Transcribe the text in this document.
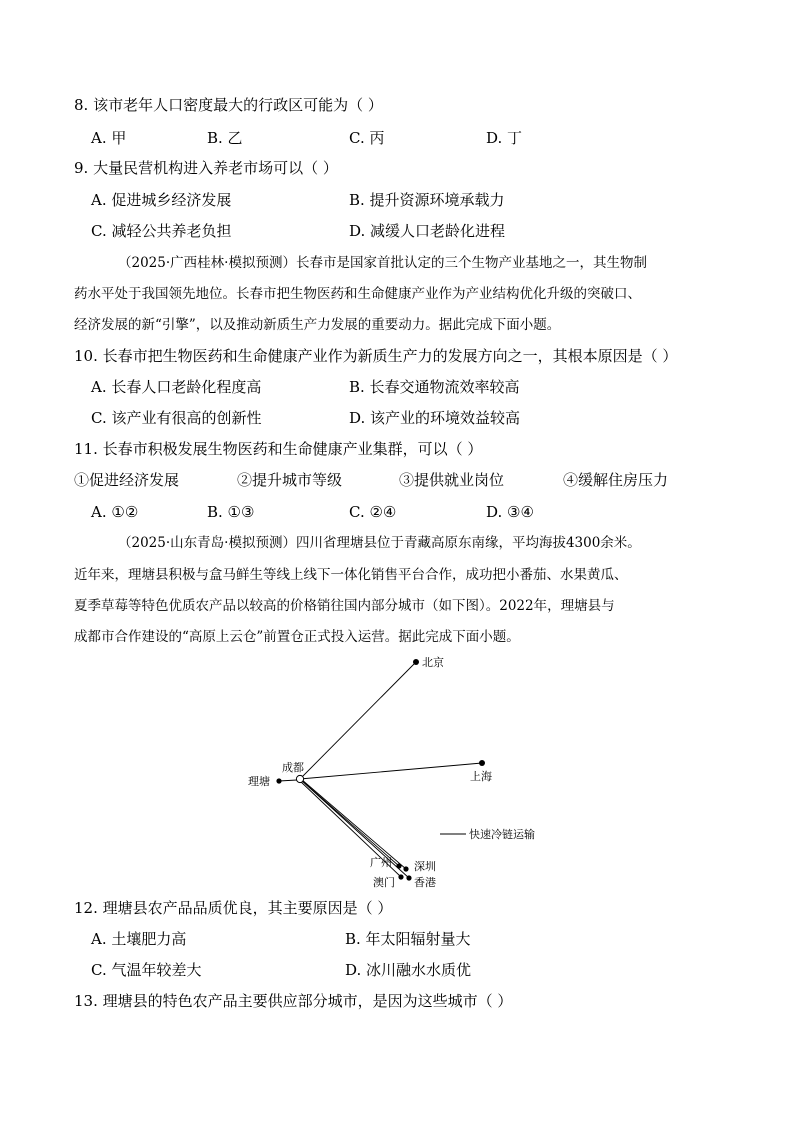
8. 该市老年人口密度最大的行政区可能为（ ）
A. 甲	B. 乙	C. 丙	D. 丁
9. 大量民营机构进入养老市场可以（ ）
A. 促进城乡经济发展	B. 提升资源环境承载力
C. 减轻公共养老负担	D. 减缓人口老龄化进程
（2025·广西桂林·模拟预测）长春市是国家首批认定的三个生物产业基地之一，其生物制
药水平处于我国领先地位。长春市把生物医药和生命健康产业作为产业结构优化升级的突破口、
经济发展的新“引擎”，以及推动新质生产力发展的重要动力。据此完成下面小题。
10. 长春市把生物医药和生命健康产业作为新质生产力的发展方向之一，其根本原因是（ ）
A. 长春人口老龄化程度高	B. 长春交通物流效率较高
C. 该产业有很高的创新性	D. 该产业的环境效益较高
11. 长春市积极发展生物医药和生命健康产业集群，可以（ ）
①促进经济发展	②提升城市等级	③提供就业岗位	④缓解住房压力
A. ①②	B. ①③	C. ②④	D. ③④
（2025·山东青岛·模拟预测）四川省理塘县位于青藏高原东南缘，平均海拔4300余米。
近年来，理塘县积极与盒马鲜生等线上线下一体化销售平台合作，成功把小番茄、水果黄瓜、
夏季草莓等特色优质农产品以较高的价格销往国内部分城市（如下图）。2022年，理塘县与
成都市合作建设的“高原上云仓”前置仓正式投入运营。据此完成下面小题。
北京
成都
理塘	上海
广州 深圳
澳门 香港
快速冷链运输
12. 理塘县农产品品质优良，其主要原因是（ ）
A. 土壤肥力高	B. 年太阳辐射量大
C. 气温年较差大	D. 冰川融水水质优
13. 理塘县的特色农产品主要供应部分城市，是因为这些城市（ ）
